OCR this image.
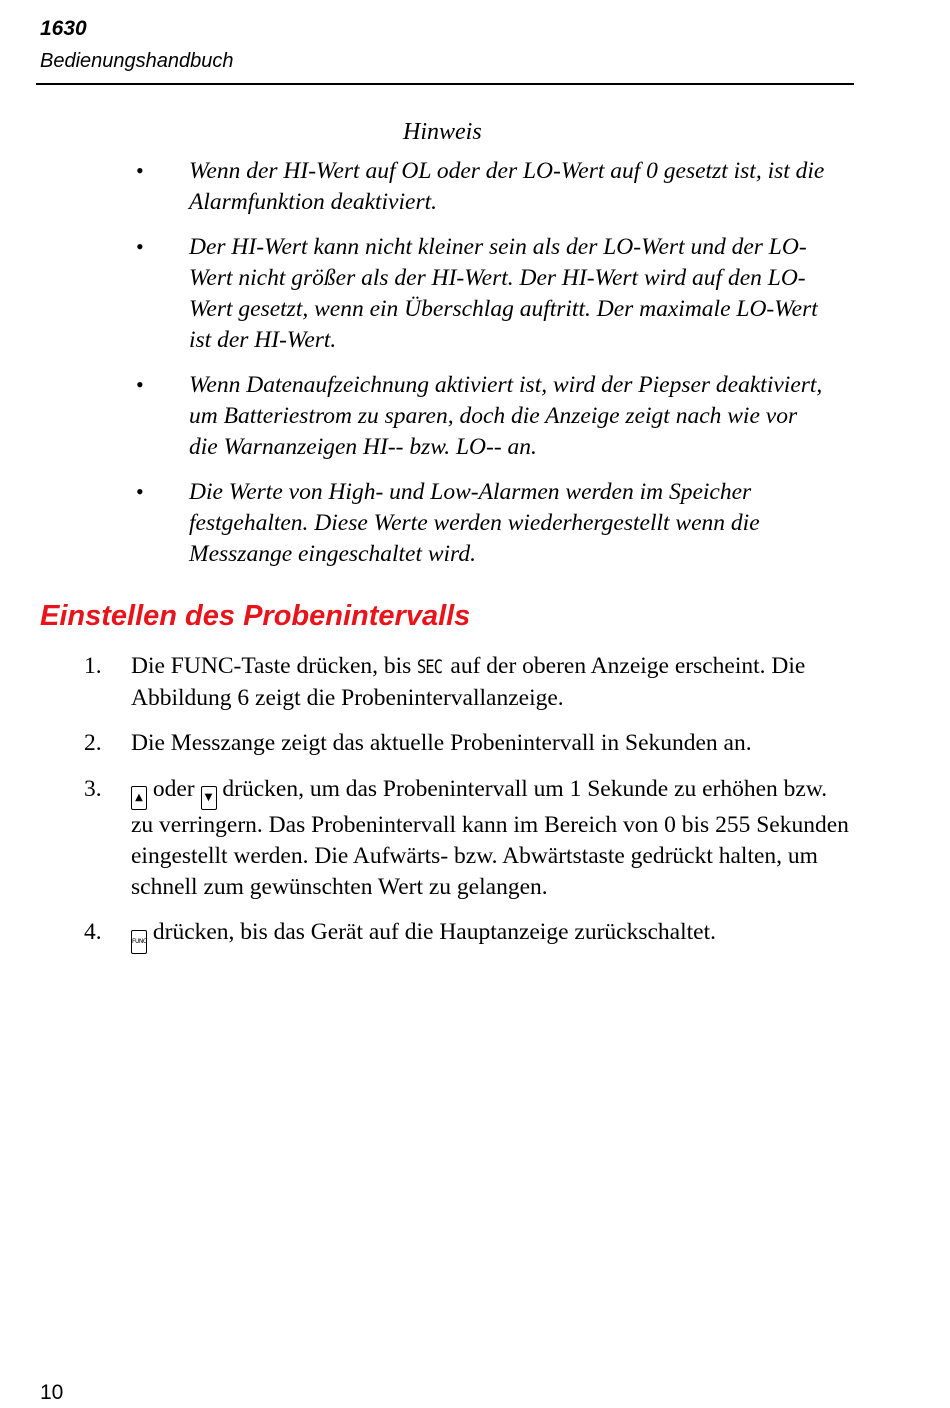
1630

Bedienungshandbuch

Hinweis

• Wenn der HI-Wert auf OL oder der LO-Wert auf 0 gesetzt ist, ist die Alarmfunktion deaktiviert.
• Der HI-Wert kann nicht kleiner sein als der LO-Wert und der LO-Wert nicht größer als der HI-Wert. Der HI-Wert wird auf den LO-Wert gesetzt, wenn ein Überschlag auftritt. Der maximale LO-Wert ist der HI-Wert.
• Wenn Datenaufzeichnung aktiviert ist, wird der Piepser deaktiviert, um Batteriestrom zu sparen, doch die Anzeige zeigt nach wie vor die Warnanzeigen HI-- bzw. LO-- an.
• Die Werte von High- und Low-Alarmen werden im Speicher festgehalten. Diese Werte werden wiederhergestellt wenn die Messzange eingeschaltet wird.
Einstellen des Probenintervalls
1. Die FUNC-Taste drücken, bis SEC auf der oberen Anzeige erscheint. Die Abbildung 6 zeigt die Probenintervallanzeige.
2. Die Messzange zeigt das aktuelle Probenintervall in Sekunden an.
3.	▲ oder ▼ drücken, um das Probenintervall um 1 Sekunde zu erhöhen bzw. zu verringern. Das Probenintervall kann im Bereich von 0 bis 255 Sekunden eingestellt werden. Die Aufwärts- bzw. Abwärtstaste gedrückt halten, um schnell zum gewünschten Wert zu gelangen.
4.	FUNC drücken, bis das Gerät auf die Hauptanzeige zurückschaltet.

10
